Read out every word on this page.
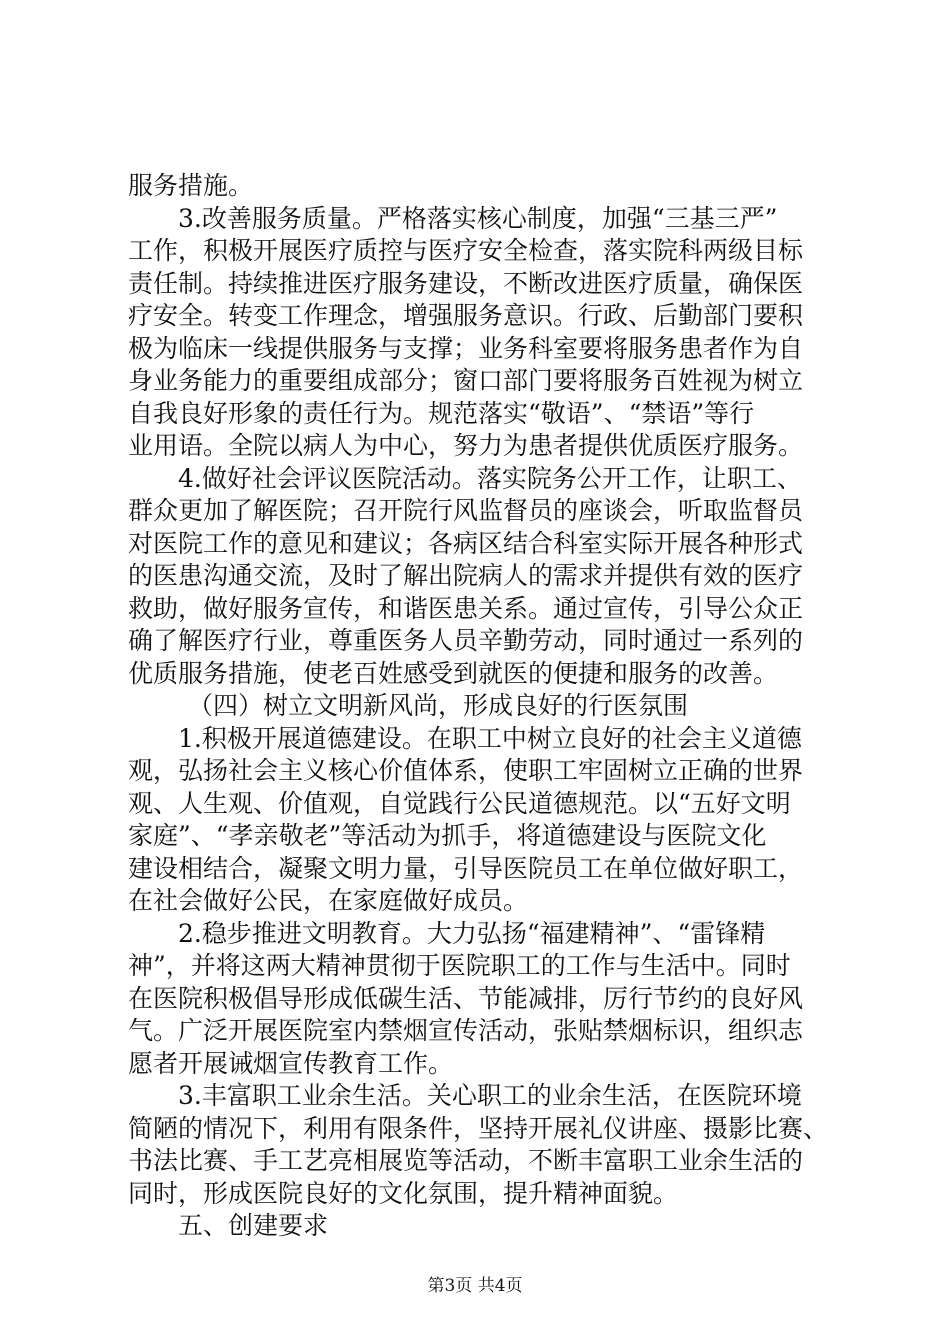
服务措施。
3.改善服务质量。严格落实核心制度，加强“三基三严”
工作，积极开展医疗质控与医疗安全检查，落实院科两级目标
责任制。持续推进医疗服务建设，不断改进医疗质量，确保医
疗安全。转变工作理念，增强服务意识。行政、后勤部门要积
极为临床一线提供服务与支撑；业务科室要将服务患者作为自
身业务能力的重要组成部分；窗口部门要将服务百姓视为树立
自我良好形象的责任行为。规范落实“敬语”、“禁语”等行
业用语。全院以病人为中心，努力为患者提供优质医疗服务。
4.做好社会评议医院活动。落实院务公开工作，让职工、
群众更加了解医院；召开院行风监督员的座谈会，听取监督员
对医院工作的意见和建议；各病区结合科室实际开展各种形式
的医患沟通交流，及时了解出院病人的需求并提供有效的医疗
救助，做好服务宣传，和谐医患关系。通过宣传，引导公众正
确了解医疗行业，尊重医务人员辛勤劳动，同时通过一系列的
优质服务措施，使老百姓感受到就医的便捷和服务的改善。
（四）树立文明新风尚，形成良好的行医氛围
1.积极开展道德建设。在职工中树立良好的社会主义道德
观，弘扬社会主义核心价值体系，使职工牢固树立正确的世界
观、人生观、价值观，自觉践行公民道德规范。以“五好文明
家庭”、“孝亲敬老”等活动为抓手，将道德建设与医院文化
建设相结合，凝聚文明力量，引导医院员工在单位做好职工，
在社会做好公民，在家庭做好成员。
2.稳步推进文明教育。大力弘扬“福建精神”、“雷锋精
神”，并将这两大精神贯彻于医院职工的工作与生活中。同时
在医院积极倡导形成低碳生活、节能减排，厉行节约的良好风
气。广泛开展医院室内禁烟宣传活动，张贴禁烟标识，组织志
愿者开展诫烟宣传教育工作。
3.丰富职工业余生活。关心职工的业余生活，在医院环境
简陋的情况下，利用有限条件，坚持开展礼仪讲座、摄影比赛、
书法比赛、手工艺亮相展览等活动，不断丰富职工业余生活的
同时，形成医院良好的文化氛围，提升精神面貌。
五、创建要求
第3页 共4页
